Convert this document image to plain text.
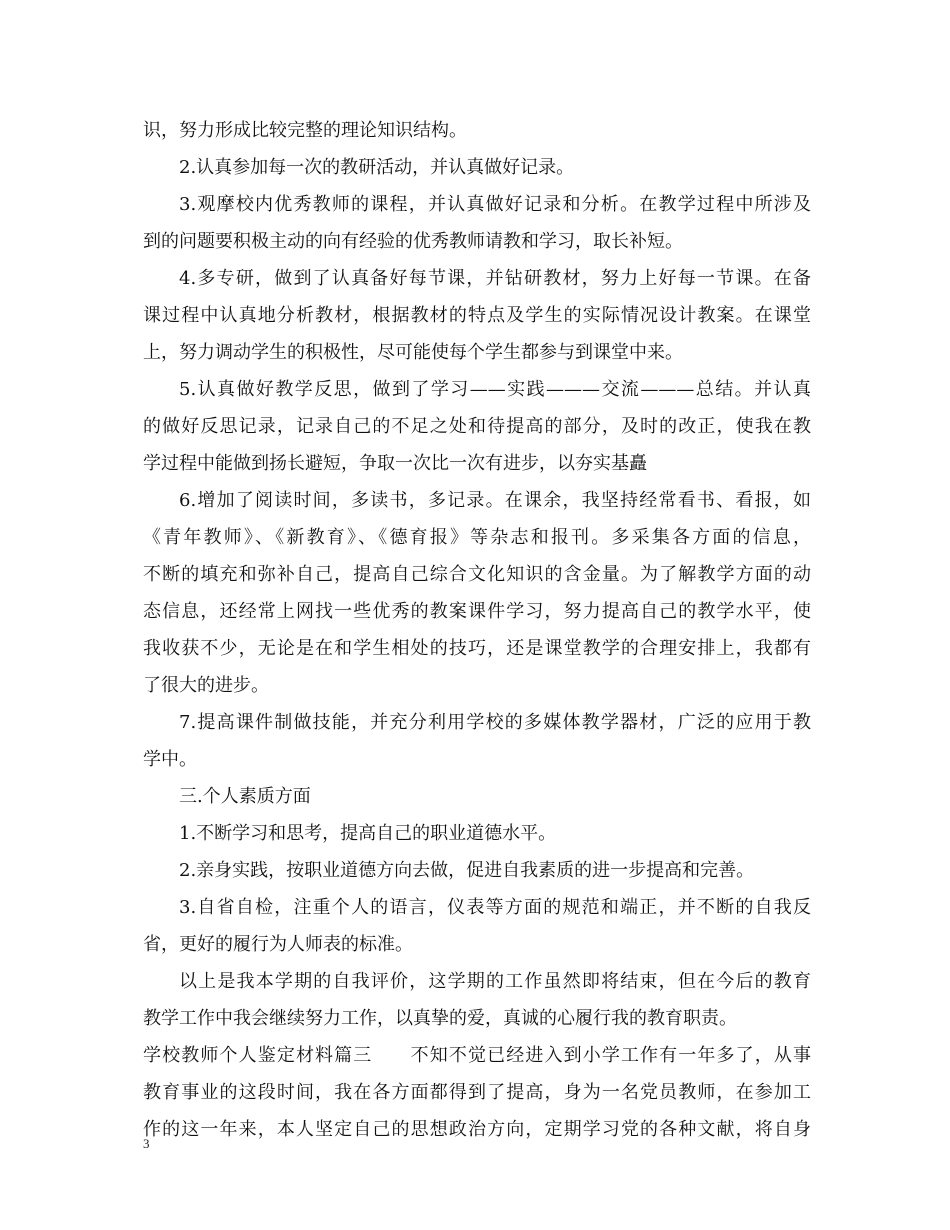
识，努力形成比较完整的理论知识结构。
2.认真参加每一次的教研活动，并认真做好记录。
3.观摩校内优秀教师的课程，并认真做好记录和分析。在教学过程中所涉及
到的问题要积极主动的向有经验的优秀教师请教和学习，取长补短。
4.多专研，做到了认真备好每节课，并钻研教材，努力上好每一节课。在备
课过程中认真地分析教材，根据教材的特点及学生的实际情况设计教案。在课堂
上，努力调动学生的积极性，尽可能使每个学生都参与到课堂中来。
5.认真做好教学反思，做到了学习——实践———交流———总结。并认真
的做好反思记录，记录自己的不足之处和待提高的部分，及时的改正，使我在教
学过程中能做到扬长避短，争取一次比一次有进步，以夯实基矗
6.增加了阅读时间，多读书，多记录。在课余，我坚持经常看书、看报，如
《青年教师》、《新教育》、《德育报》等杂志和报刊。多采集各方面的信息，
不断的填充和弥补自己，提高自己综合文化知识的含金量。为了解教学方面的动
态信息，还经常上网找一些优秀的教案课件学习，努力提高自己的教学水平，使
我收获不少，无论是在和学生相处的技巧，还是课堂教学的合理安排上，我都有
了很大的进步。
7.提高课件制做技能，并充分利用学校的多媒体教学器材，广泛的应用于教
学中。
三.个人素质方面
1.不断学习和思考，提高自己的职业道德水平。
2.亲身实践，按职业道德方向去做，促进自我素质的进一步提高和完善。
3.自省自检，注重个人的语言，仪表等方面的规范和端正，并不断的自我反
省，更好的履行为人师表的标准。
以上是我本学期的自我评价，这学期的工作虽然即将结束，但在今后的教育
教学工作中我会继续努力工作，以真挚的爱，真诚的心履行我的教育职责。
学校教师个人鉴定材料篇三　　不知不觉已经进入到小学工作有一年多了，从事
教育事业的这段时间，我在各方面都得到了提高，身为一名党员教师，在参加工
作的这一年来，本人坚定自己的思想政治方向，定期学习党的各种文献，将自身
3
